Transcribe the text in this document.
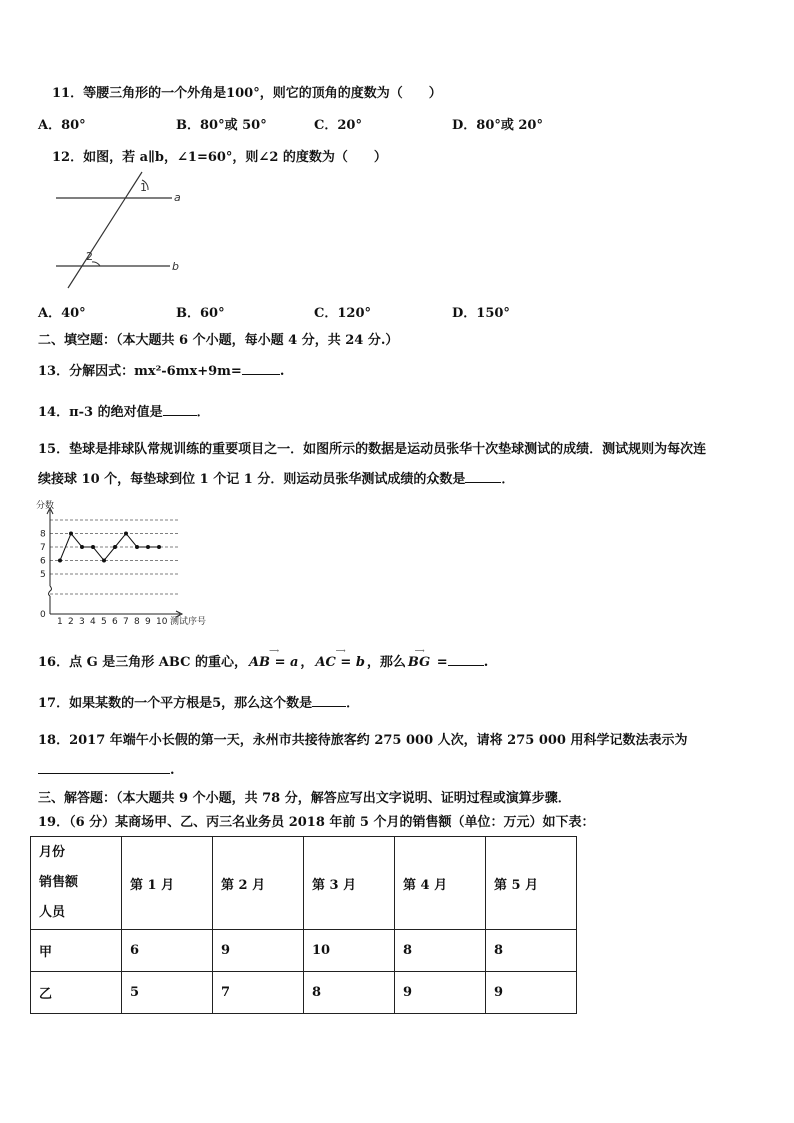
11．等腰三角形的一个外角是100°，则它的顶角的度数为（　　）
A．80°	B．80°或 50°	C．20°	D．80°或 20°
12．如图，若 a∥b，∠1=60°，则∠2 的度数为（　　）
1
2
a
b
A．40°	B．60°	C．120°	D．150°
二、填空题：（本大题共 6 个小题，每小题 4 分，共 24 分.）
13．分解因式：mx²-6mx+9m=	.
14．π-3 的绝对值是	．
15．垫球是排球队常规训练的重要项目之一．如图所示的数据是运动员张华十次垫球测试的成绩．测试规则为每次连
续接球 10 个，每垫球到位 1 个记 1 分．则运动员张华测试成绩的众数是	．
分数
测试序号
0
5
6
7
8
1 2 3 4 5 6 7 8 9 10
16．点 G 是三角形 ABC 的重心，
⟶
AB = a ，
⟶
AC = b ，那么
⟶
BG =	.
17．如果某数的一个平方根是5，那么这个数是	．
18．2017 年端午小长假的第一天，永州市共接待旅客约 275 000 人次，请将 275 000 用科学记数法表示为
.
三、解答题：（本大题共 9 个小题，共 78 分，解答应写出文字说明、证明过程或演算步骤．
19．（6 分）某商场甲、乙、丙三名业务员 2018 年前 5 个月的销售额（单位：万元）如下表：
月份
销售额
人员	第 1 月	第 2 月	第 3 月	第 4 月	第 5 月
甲	6	9	10	8	8
乙	5	7	8	9	9
